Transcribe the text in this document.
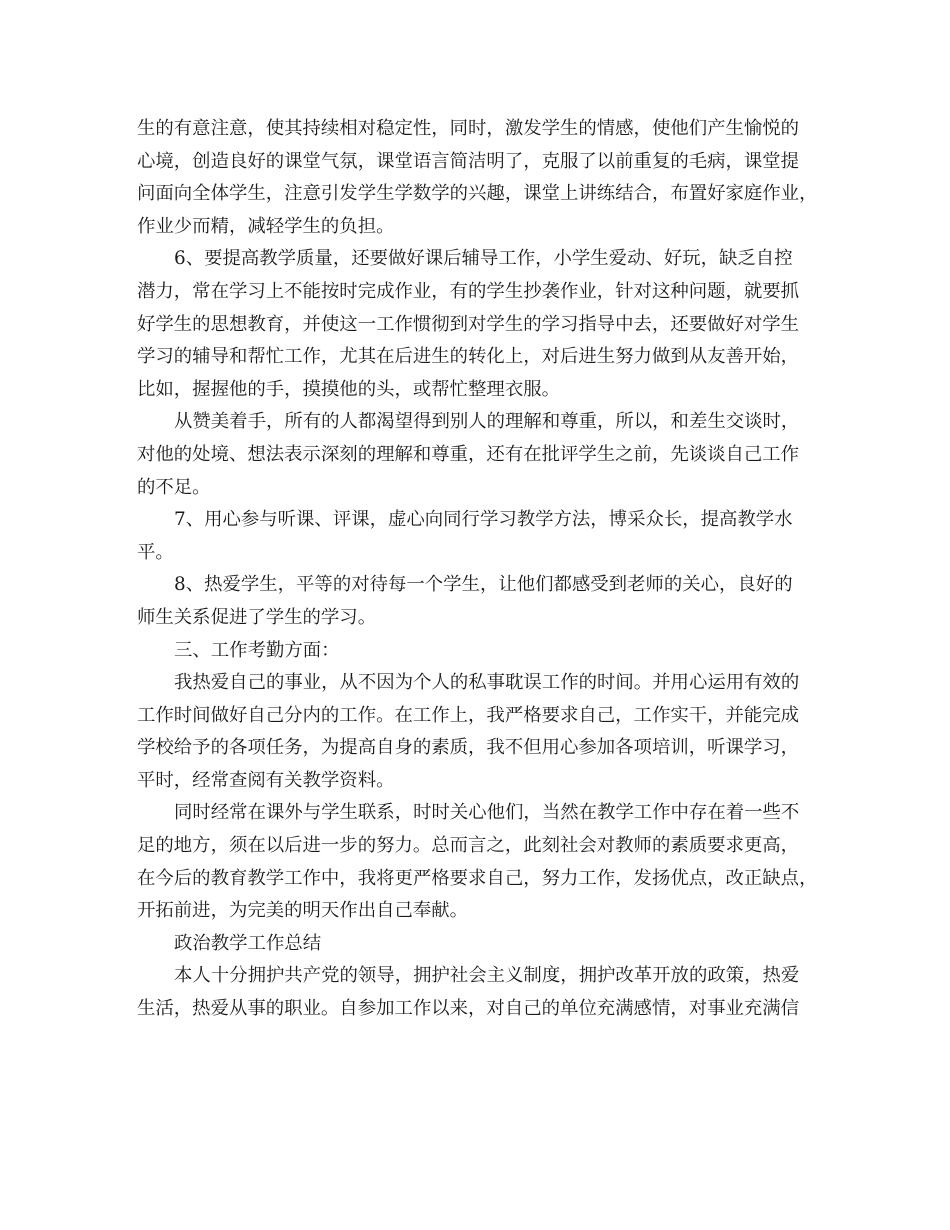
生的有意注意，使其持续相对稳定性，同时，激发学生的情感，使他们产生愉悦的
心境，创造良好的课堂气氛，课堂语言简洁明了，克服了以前重复的毛病，课堂提
问面向全体学生，注意引发学生学数学的兴趣，课堂上讲练结合，布置好家庭作业，
作业少而精，减轻学生的负担。
6、要提高教学质量，还要做好课后辅导工作，小学生爱动、好玩，缺乏自控
潜力，常在学习上不能按时完成作业，有的学生抄袭作业，针对这种问题，就要抓
好学生的思想教育，并使这一工作惯彻到对学生的学习指导中去，还要做好对学生
学习的辅导和帮忙工作，尤其在后进生的转化上，对后进生努力做到从友善开始，
比如，握握他的手，摸摸他的头，或帮忙整理衣服。
从赞美着手，所有的人都渴望得到别人的理解和尊重，所以，和差生交谈时，
对他的处境、想法表示深刻的理解和尊重，还有在批评学生之前，先谈谈自己工作
的不足。
7、用心参与听课、评课，虚心向同行学习教学方法，博采众长，提高教学水
平。
8、热爱学生，平等的对待每一个学生，让他们都感受到老师的关心，良好的
师生关系促进了学生的学习。
三、工作考勤方面：
我热爱自己的事业，从不因为个人的私事耽误工作的时间。并用心运用有效的
工作时间做好自己分内的工作。在工作上，我严格要求自己，工作实干，并能完成
学校给予的各项任务，为提高自身的素质，我不但用心参加各项培训，听课学习，
平时，经常查阅有关教学资料。
同时经常在课外与学生联系，时时关心他们，当然在教学工作中存在着一些不
足的地方，须在以后进一步的努力。总而言之，此刻社会对教师的素质要求更高，
在今后的教育教学工作中，我将更严格要求自己，努力工作，发扬优点，改正缺点，
开拓前进，为完美的明天作出自己奉献。
政治教学工作总结
本人十分拥护共产党的领导，拥护社会主义制度，拥护改革开放的政策，热爱
生活，热爱从事的职业。自参加工作以来，对自己的单位充满感情，对事业充满信
